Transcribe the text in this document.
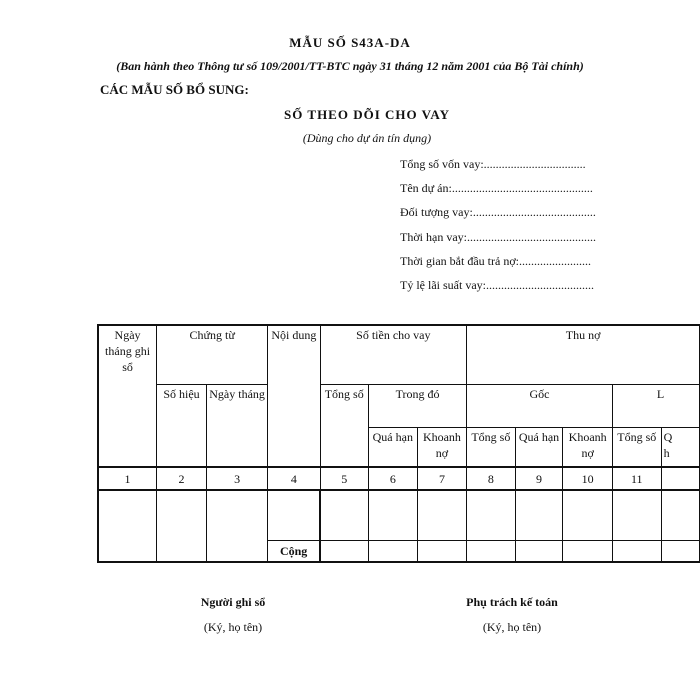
MẪU SỐ S43A-DA
(Ban hành theo Thông tư số 109/2001/TT-BTC ngày 31 tháng 12 năm 2001 của Bộ Tài chính)
CÁC MẪU SỐ BỔ SUNG:
SỐ THEO DÕI CHO VAY
(Dùng cho dự án tín dụng)
Tổng số vốn vay:..................................
Tên dự án:...............................................
Đối tượng vay:.........................................
Thời hạn vay:...........................................
Thời gian bắt đầu trả nợ:........................
Tỷ lệ lãi suất vay:....................................
Ngày tháng ghi sổ	Chứng từ		Nội dung	Số tiền cho vay			Thu nợ				
	Số hiệu	Ngày tháng		Tổng số	Trong đó		Gốc			L	
					Quá hạn	Khoanh nợ	Tổng số	Quá hạn	Khoanh nợ	Tổng số	Q
h
1	2	3	4	5	6	7	8	9	10	11	

			Cộng								
Người ghi sổ
(Ký, họ tên)
Phụ trách kế toán
(Ký, họ tên)
